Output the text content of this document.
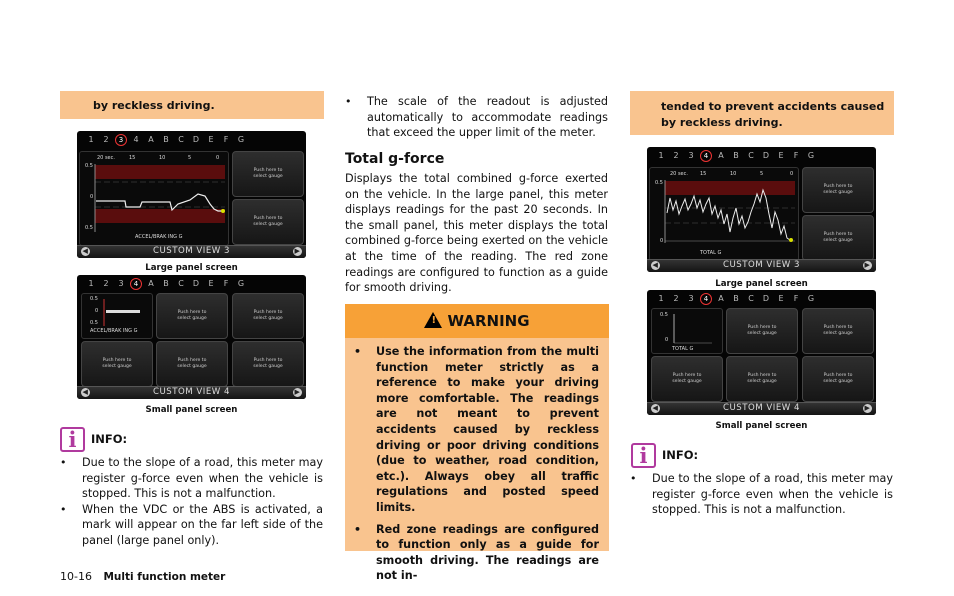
by reckless driving.
1	2	3	4	A	B	C	D	E	F	G
20 sec.	15	10	5	0
0.5
0
0.5
ACCEL/BRAK ING G
Push here to select gauge
Push here to select gauge
◀	CUSTOM VIEW 3	▶
Large panel screen
1	2	3	4	A	B	C	D	E	F	G
0.5
0
0.5
ACCEL/BRAK ING G
Push here to select gauge
Push here to select gauge
Push here to select gauge
Push here to select gauge
Push here to select gauge
◀	CUSTOM VIEW 4	▶
Small panel screen
i	INFO:
• Due to the slope of a road, this meter may register g-force even when the vehicle is stopped. This is not a malfunction.
• When the VDC or the ABS is activated, a mark will appear on the far left side of the panel (large panel only).
• The scale of the readout is adjusted automatically to accommodate readings that exceed the upper limit of the meter.
Total g-force
Displays the total combined g-force exerted on the vehicle. In the large panel, this meter displays readings for the past 20 seconds. In the small panel, this meter displays the total combined g-force being exerted on the vehicle at the time of the reading. The red zone readings are configured to function as a guide for smooth driving.
! WARNING
• Use the information from the multi function meter strictly as a reference to make your driving more comfortable. The readings are not meant to prevent accidents caused by reckless driving or poor driving conditions (due to weather, road condition, etc.). Always obey all traffic regulations and posted speed limits.
• Red zone readings are configured to function only as a guide for smooth driving. The readings are not in-
tended to prevent accidents caused by reckless driving.
1	2	3	4	A	B	C	D	E	F	G
20 sec. 15	10	5	0
0.5
0
TOTAL G
Push here to select gauge
Push here to select gauge
◀	CUSTOM VIEW 3	▶
Large panel screen
1	2	3	4	A	B	C	D	E	F	G
0.5
0
TOTAL G
Push here to select gauge
Push here to select gauge
Push here to select gauge
Push here to select gauge
Push here to select gauge
◀	CUSTOM VIEW 4	▶
Small panel screen
i	INFO:
• Due to the slope of a road, this meter may register g-force even when the vehicle is stopped. This is not a malfunction.
10-16 Multi function meter
